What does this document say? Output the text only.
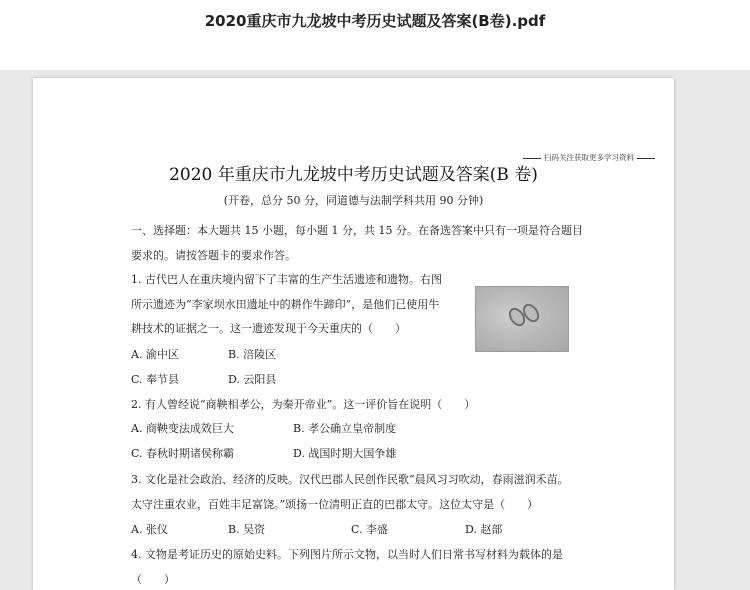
2020重庆市九龙坡中考历史试题及答案(B卷).pdf
扫码关注获取更多学习资料
2020 年重庆市九龙坡中考历史试题及答案(B 卷)
(开卷，总分 50 分，同道德与法制学科共用 90 分钟)
一、选择题：本大题共 15 小题，每小题 1 分，共 15 分。在备选答案中只有一项是符合题目
要求的。请按答题卡的要求作答。
1. 古代巴人在重庆境内留下了丰富的生产生活遗迹和遗物。右图
所示遗迹为“李家坝水田遗址中的耕作牛蹄印”，是他们已使用牛
耕技术的证据之一。这一遗迹发现于今天重庆的（　　）
A. 渝中区	B. 涪陵区
C. 奉节县	D. 云阳县
2. 有人曾经说“商鞅相孝公，为秦开帝业”。这一评价旨在说明（　　）
A. 商鞅变法成效巨大	B. 孝公确立皇帝制度
C. 春秋时期诸侯称霸	D. 战国时期大国争雄
3. 文化是社会政治、经济的反映。汉代巴郡人民创作民歌“晨风习习吹动，春雨滋润禾苗。
太守注重农业，百姓丰足富饶。”颂扬一位清明正直的巴郡太守。这位太守是（　　）
A. 张仪	B. 吴资	C. 李盛	D. 赵部
4. 文物是考证历史的原始史料。下列图片所示文物，以当时人们日常书写材料为载体的是
（　　）
